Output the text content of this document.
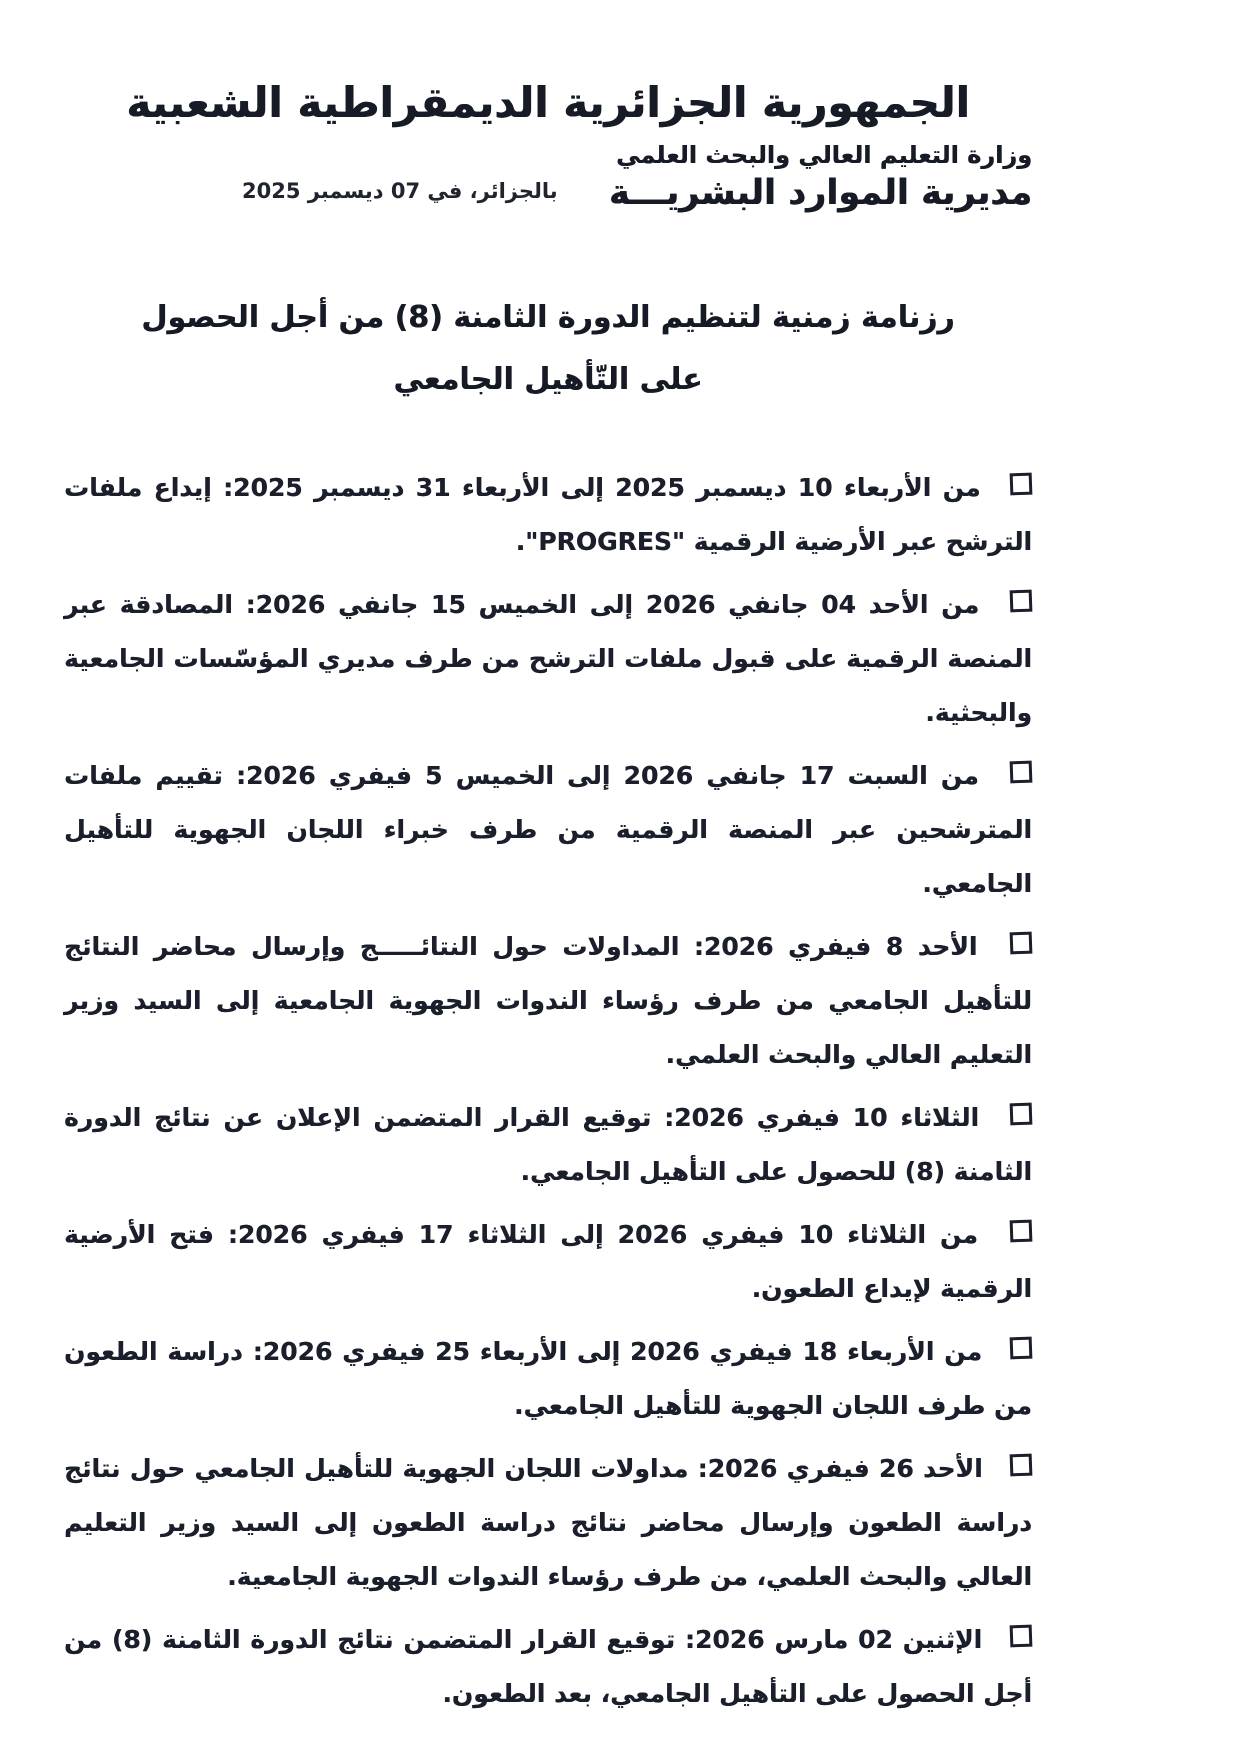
الجمهورية الجزائرية الديمقراطية الشعبية
وزارة التعليم العالي والبحث العلمي
مديرية الموارد البشريـــة
بالجزائر، في 07 ديسمبر 2025
رزنامة زمنية لتنظيم الدورة الثامنة (8) من أجل الحصول
على التّأهيل الجامعي
من الأربعاء 10 ديسمبر 2025 إلى الأربعاء 31 ديسمبر 2025: إيداع ملفات الترشح عبر الأرضية الرقمية "PROGRES".
من الأحد 04 جانفي 2026 إلى الخميس 15 جانفي 2026: المصادقة عبر المنصة الرقمية على قبول ملفات الترشح من طرف مديري المؤسّسات الجامعية والبحثية.
من السبت 17 جانفي 2026 إلى الخميس 5 فيفري 2026: تقييم ملفات المترشحين عبر المنصة الرقمية من طرف خبراء اللجان الجهوية للتأهيل الجامعي.
الأحد 8 فيفري 2026: المداولات حول النتائـــــج وإرسال محاضر النتائج للتأهيل الجامعي من طرف رؤساء الندوات الجهوية الجامعية إلى السيد وزير التعليم العالي والبحث العلمي.
الثلاثاء 10 فيفري 2026: توقيع القرار المتضمن الإعلان عن نتائج الدورة الثامنة (8) للحصول على التأهيل الجامعي.
من الثلاثاء 10 فيفري 2026 إلى الثلاثاء 17 فيفري 2026: فتح الأرضية الرقمية لإيداع الطعون.
من الأربعاء 18 فيفري 2026 إلى الأربعاء 25 فيفري 2026: دراسة الطعون من طرف اللجان الجهوية للتأهيل الجامعي.
الأحد 26 فيفري 2026: مداولات اللجان الجهوية للتأهيل الجامعي حول نتائج دراسة الطعون وإرسال محاضر نتائج دراسة الطعون إلى السيد وزير التعليم العالي والبحث العلمي، من طرف رؤساء الندوات الجهوية الجامعية.
الإثنين 02 مارس 2026: توقيع القرار المتضمن نتائج الدورة الثامنة (8) من أجل الحصول على التأهيل الجامعي، بعد الطعون.
